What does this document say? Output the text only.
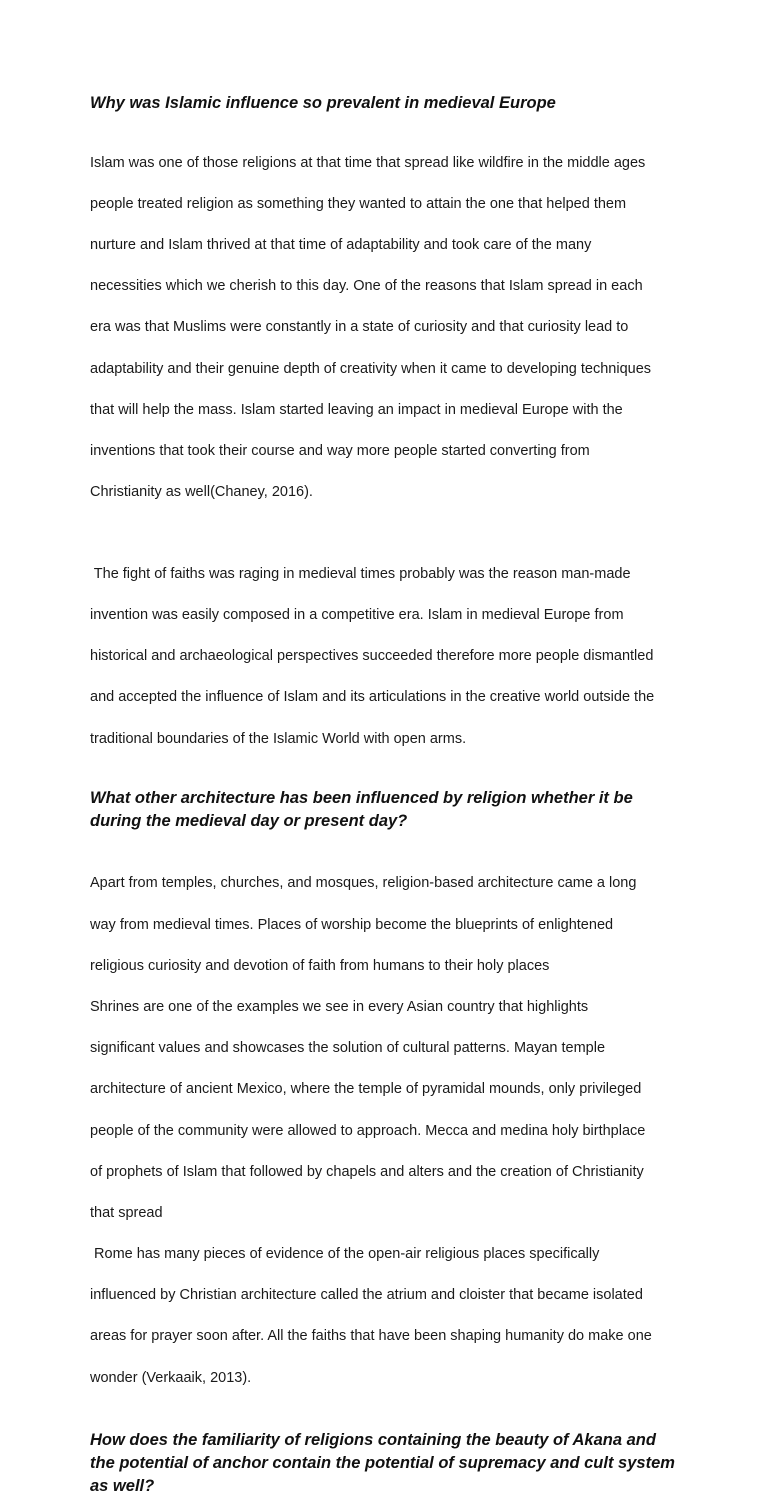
Why was Islamic influence so prevalent in medieval Europe

Islam was one of those religions at that time that spread like wildfire in the middle ages

people treated religion as something they wanted to attain the one that helped them

nurture and Islam thrived at that time of adaptability and took care of the many

necessities which we cherish to this day. One of the reasons that Islam spread in each

era was that Muslims were constantly in a state of curiosity and that curiosity lead to

adaptability and their genuine depth of creativity when it came to developing techniques

that will help the mass. Islam started leaving an impact in medieval Europe with the

inventions that took their course and way more people started converting from

Christianity as well(Chaney, 2016).

The fight of faiths was raging in medieval times probably was the reason man-made

invention was easily composed in a competitive era. Islam in medieval Europe from

historical and archaeological perspectives succeeded therefore more people dismantled

and accepted the influence of Islam and its articulations in the creative world outside the

traditional boundaries of the Islamic World with open arms.

What other architecture has been influenced by religion whether it be
during the medieval day or present day?

Apart from temples, churches, and mosques, religion-based architecture came a long

way from medieval times. Places of worship become the blueprints of enlightened

religious curiosity and devotion of faith from humans to their holy places

Shrines are one of the examples we see in every Asian country that highlights

significant values and showcases the solution of cultural patterns. Mayan temple

architecture of ancient Mexico, where the temple of pyramidal mounds, only privileged

people of the community were allowed to approach. Mecca and medina holy birthplace

of prophets of Islam that followed by chapels and alters and the creation of Christianity

that spread

Rome has many pieces of evidence of the open-air religious places specifically

influenced by Christian architecture called the atrium and cloister that became isolated

areas for prayer soon after. All the faiths that have been shaping humanity do make one

wonder (Verkaaik, 2013).

How does the familiarity of religions containing the beauty of Akana and
the potential of anchor contain the potential of supremacy and cult system
as well?
